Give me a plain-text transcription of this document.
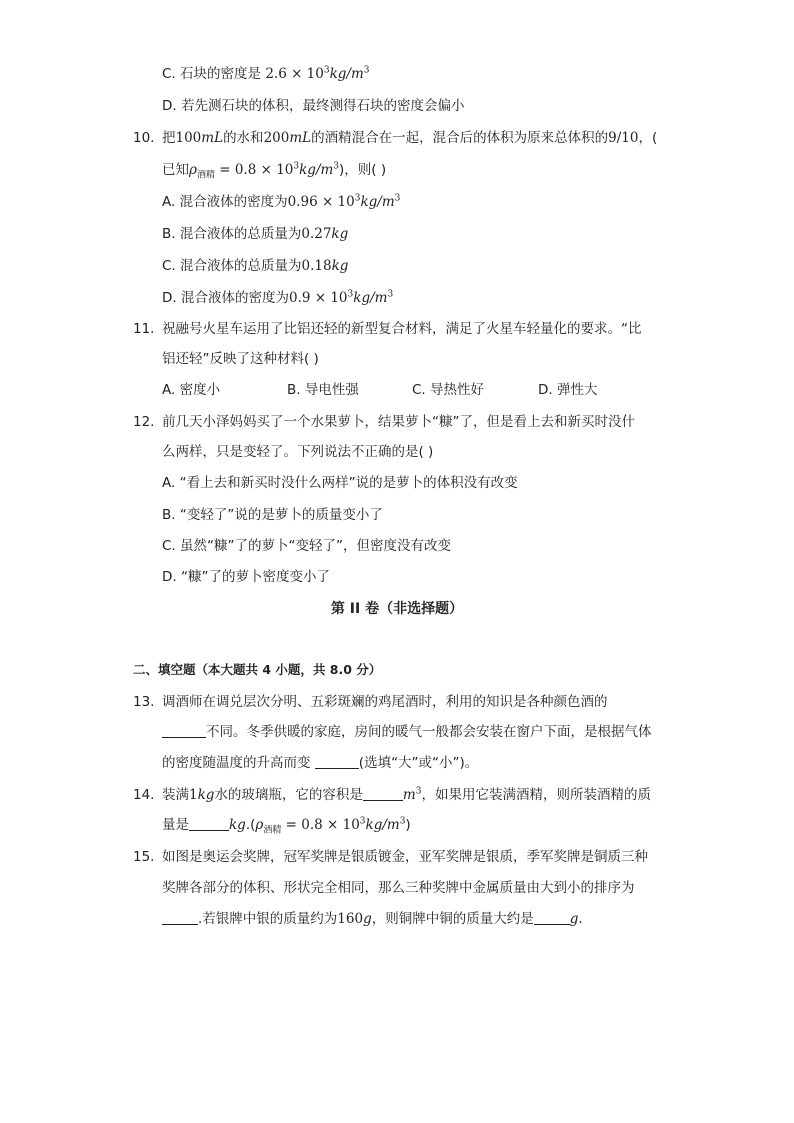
C. 石块的密度是 $2.6 \times 10^3kg/m^3$
D. 若先测石块的体积，最终测得石块的密度会偏小
10. 把100mL的水和200mL的酒精混合在一起，混合后的体积为原来总体积的9/10，(
已知$\rho_{酒精} = 0.8 \times 10^3kg/m^3$)，则( )
A. 混合液体的密度为$0.96 \times 10^3kg/m^3$
B. 混合液体的总质量为0.27kg
C. 混合液体的总质量为0.18kg
D. 混合液体的密度为$0.9 \times 10^3kg/m^3$
11. 祝融号火星车运用了比铝还轻的新型复合材料，满足了火星车轻量化的要求。“比
铝还轻”反映了这种材料( )
A. 密度小	B. 导电性强	C. 导热性好	D. 弹性大
12. 前几天小泽妈妈买了一个水果萝卜，结果萝卜“糠”了，但是看上去和新买时没什
么两样，只是变轻了。下列说法不正确的是( )
A. “看上去和新买时没什么两样”说的是萝卜的体积没有改变
B. “变轻了”说的是萝卜的质量变小了
C. 虽然“糠”了的萝卜“变轻了”，但密度没有改变
D. “糠”了的萝卜密度变小了
第 II 卷（非选择题）
二、填空题（本大题共 4 小题，共 8.0 分）
13. 调酒师在调兑层次分明、五彩斑斓的鸡尾酒时，利用的知识是各种颜色酒的
不同。冬季供暖的家庭，房间的暖气一般都会安装在窗户下面，是根据气体
的密度随温度的升高而变	(选填“大”或“小”)。
14. 装满1kg水的玻璃瓶，它的容积是	$m^3$，如果用它装满酒精，则所装酒精的质
量是	$kg.(\rho_{酒精} = 0.8 \times 10^3kg/m^3)$
15. 如图是奥运会奖牌，冠军奖牌是银质镀金，亚军奖牌是银质，季军奖牌是铜质三种
奖牌各部分的体积、形状完全相同，那么三种奖牌中金属质量由大到小的排序为
.若银牌中银的质量约为160g，则铜牌中铜的质量大约是	g.
